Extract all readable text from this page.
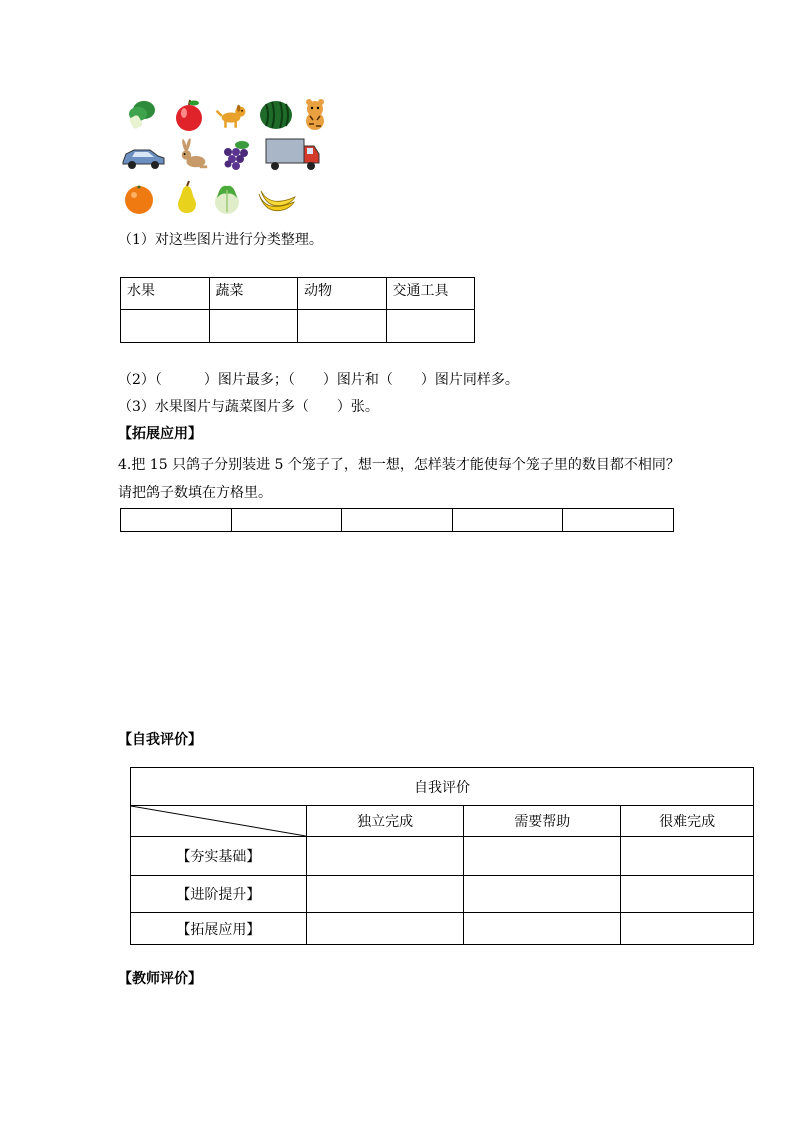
（1）对这些图片进行分类整理。
水果	蔬菜	动物	交通工具

（2）（　　　）图片最多；（　　）图片和（　　）图片同样多。
（3）水果图片与蔬菜图片多（　　）张。
【拓展应用】
4.把 15 只鸽子分别装进 5 个笼子了，想一想，怎样装才能使每个笼子里的数目都不相同？
请把鸽子数填在方格里。

【自我评价】
自我评价			

	独立完成	需要帮助	很难完成
【夯实基础】			
【进阶提升】			
【拓展应用】			
【教师评价】
